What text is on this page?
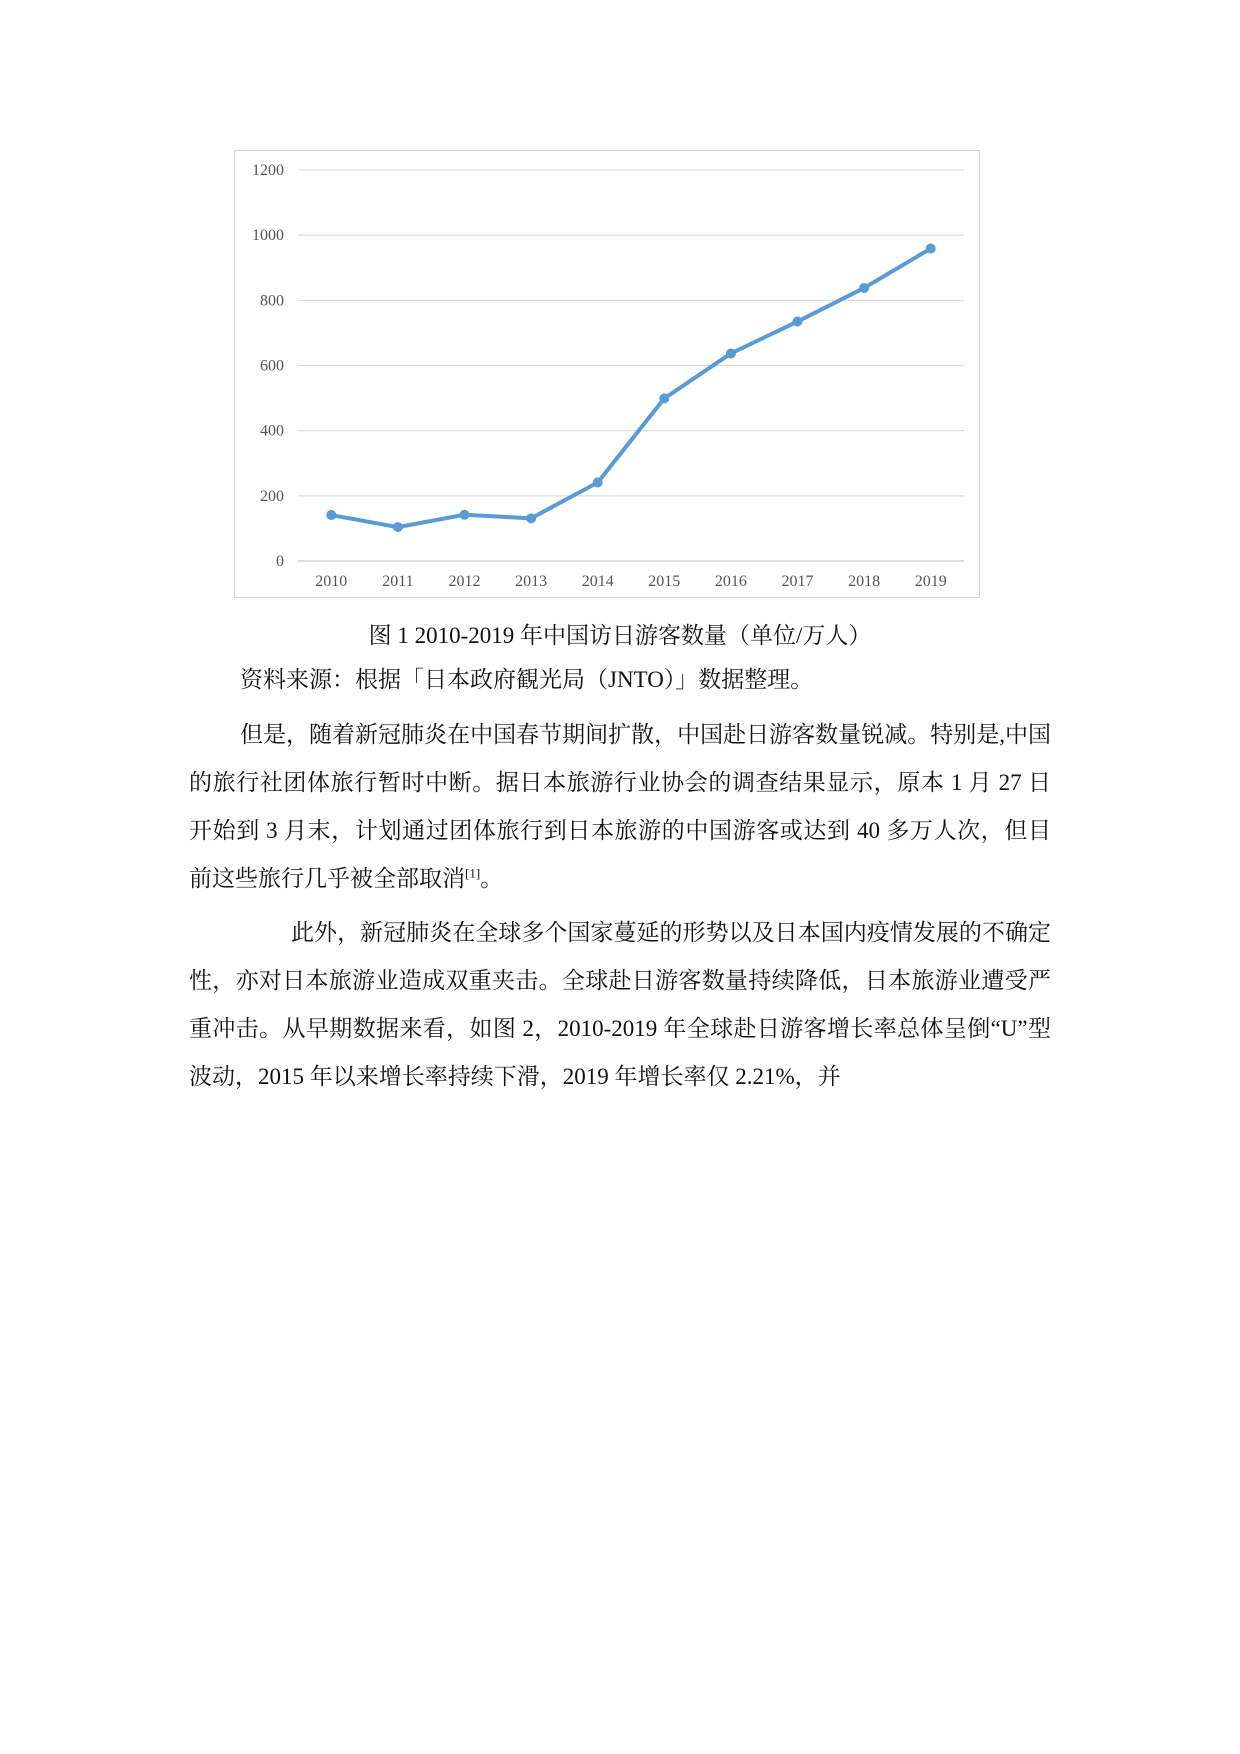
0
200
400
600
800
1000
1200
2010 2011 2012 2013 2014 2015 2016 2017 2018 2019
图 1 2010-2019 年中国访日游客数量（单位/万人）
资料来源：根据「日本政府観光局（JNTO）」数据整理。

但是，随着新冠肺炎在中国春节期间扩散，中国赴日游客数量锐减。特别是,中国的旅行社团体旅行暂时中断。据日本旅游行业协会的调查结果显示，原本 1 月 27 日开始到 3 月末，计划通过团体旅行到日本旅游的中国游客或达到 40 多万人次，但目前这些旅行几乎被全部取消[1]。

此外，新冠肺炎在全球多个国家蔓延的形势以及日本国内疫情发展的不确定性，亦对日本旅游业造成双重夹击。全球赴日游客数量持续降低，日本旅游业遭受严重冲击。从早期数据来看，如图 2，2010-2019 年全球赴日游客增长率总体呈倒“U”型波动，2015 年以来增长率持续下滑，2019 年增长率仅 2.21%，并
